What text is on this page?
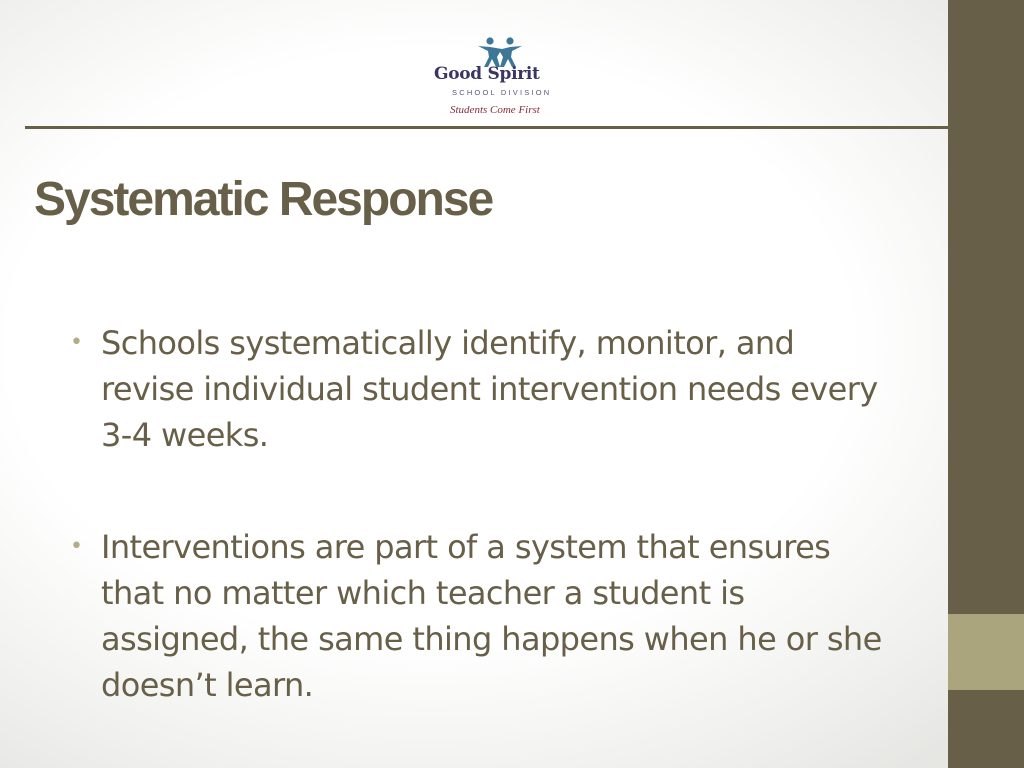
Good Spirit
SCHOOL DIVISION
Students Come First
Systematic Response
• Schools systematically identify, monitor, and revise individual student intervention needs every 3-4 weeks.
• Interventions are part of a system that ensures that no matter which teacher a student is assigned, the same thing happens when he or she doesn’t learn.
